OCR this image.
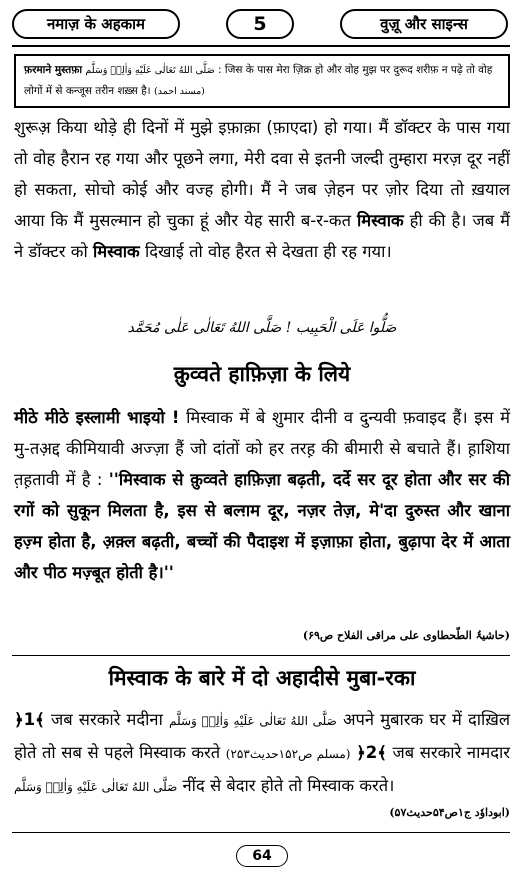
नमाज़ के अहकाम	5	वुज़ू और साइन्स
फ़रमाने मुस्तफ़ा صَلَّى اللهُ تَعَالٰى عَلَيْهِ وَاٰلِهٖ وَسَلَّم : जिस के पास मेरा ज़िक्र हो और वोह मुझ पर दुरूद शरीफ़ न पढ़े तो वोह लोगों में से कन्जूस तरीन शख़्स है। (مسند احمد)

शुरूअ़ किया थोड़े ही दिनों में मुझे इफ़ाक़ा (फ़ाएदा) हो गया। मैं डॉक्टर के पास गया तो वोह हैरान रह गया और पूछने लगा, मेरी दवा से इतनी जल्दी तुम्हारा मरज़ दूर नहीं हो सकता, सोचो कोई और वज्ह होगी। मैं ने जब ज़ेहन पर ज़ोर दिया तो ख़याल आया कि मैं मुसल्मान हो चुका हूं और येह सारी ब-र-कत मिस्वाक ही की है। जब मैं ने डॉक्टर को मिस्वाक दिखाई तो वोह हैरत से देखता ही रह गया।

صَلُّوا عَلَى الْحَبِيب ! صَلَّى اللهُ تَعَالٰى عَلٰى مُحَمَّد
क़ुव्वते हाफ़िज़ा के लिये

मीठे मीठे इस्लामी भाइयो ! मिस्वाक में बे शुमार दीनी व दुन्यवी फ़वाइद हैं। इस में मु-तअ़द्द कीमियावी अज्ज़ा हैं जो दांतों को हर तरह़ की बीमारी से बचाते हैं। ह़ाशिया त़ह़तावी में है : ''मिस्वाक से क़ुव्वते हाफ़िज़ा बढ़ती, दर्दे सर दूर होता और सर की रगों को सुकून मिलता है, इस से बल्ग़म दूर, नज़र तेज़, मे'दा दुरुस्त और खाना हज़्म होता है, अ़क़्ल बढ़ती, बच्चों की पैदाइश में इज़ाफ़ा होता, बुढ़ापा देर में आता और पीठ मज़्बूत होती है।''

(حاشیۃُ الطّحطاوی علی مراقی الفلاح ص۶۹)
मिस्वाक के बारे में दो अहादीसे मुबा-रका

﴿1﴾ जब सरकारे मदीना صَلَّى اللهُ تَعَالٰى عَلَيْهِ وَاٰلِهٖ وَسَلَّم अपने मुबारक घर में दाख़िल होते तो सब से पहले मिस्वाक करते (مسلم ص۱۵۲حدیث۲۵۳) ﴿2﴾ जब सरकारे नामदार صَلَّى اللهُ تَعَالٰى عَلَيْهِ وَاٰلِهٖ وَسَلَّم नींद से बेदार होते तो मिस्वाक करते।

(ابوداوٗد ج۱ص۵۴حدیث۵۷)
64
